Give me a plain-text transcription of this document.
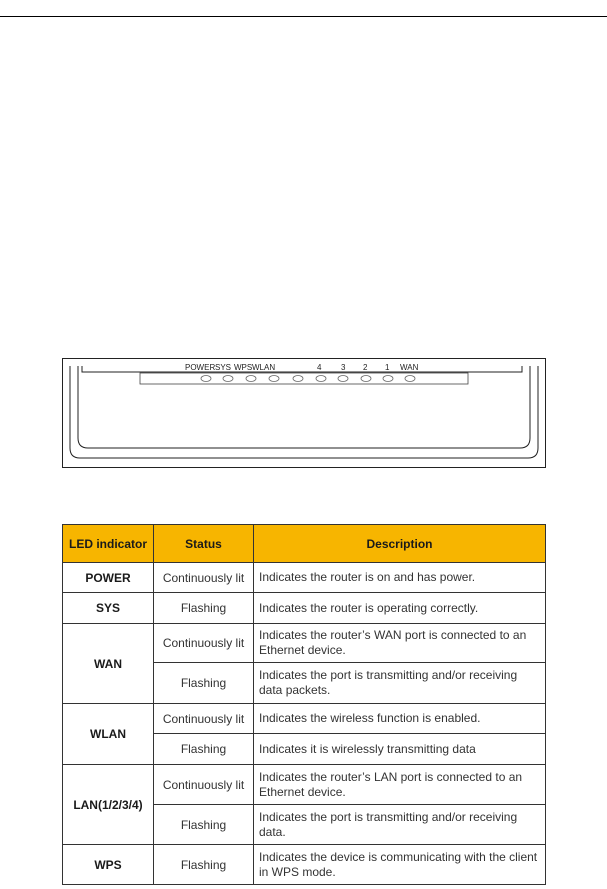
POWER SYS WPS WLAN	4 3 2 1 WAN
LED indicator	Status	Description
POWER	Continuously lit	Indicates the router is on and has power.
SYS	Flashing	Indicates the router is operating correctly.
WAN	Continuously lit	Indicates the router’s WAN port is connected to an Ethernet device.
	Flashing	Indicates the port is transmitting and/or receiving data packets.
WLAN	Continuously lit	Indicates the wireless function is enabled.
	Flashing	Indicates it is wirelessly transmitting data
LAN(1/2/3/4)	Continuously lit	Indicates the router’s LAN port is connected to an Ethernet device.
	Flashing	Indicates the port is transmitting and/or receiving data.
WPS	Flashing	Indicates the device is communicating with the client in WPS mode.
